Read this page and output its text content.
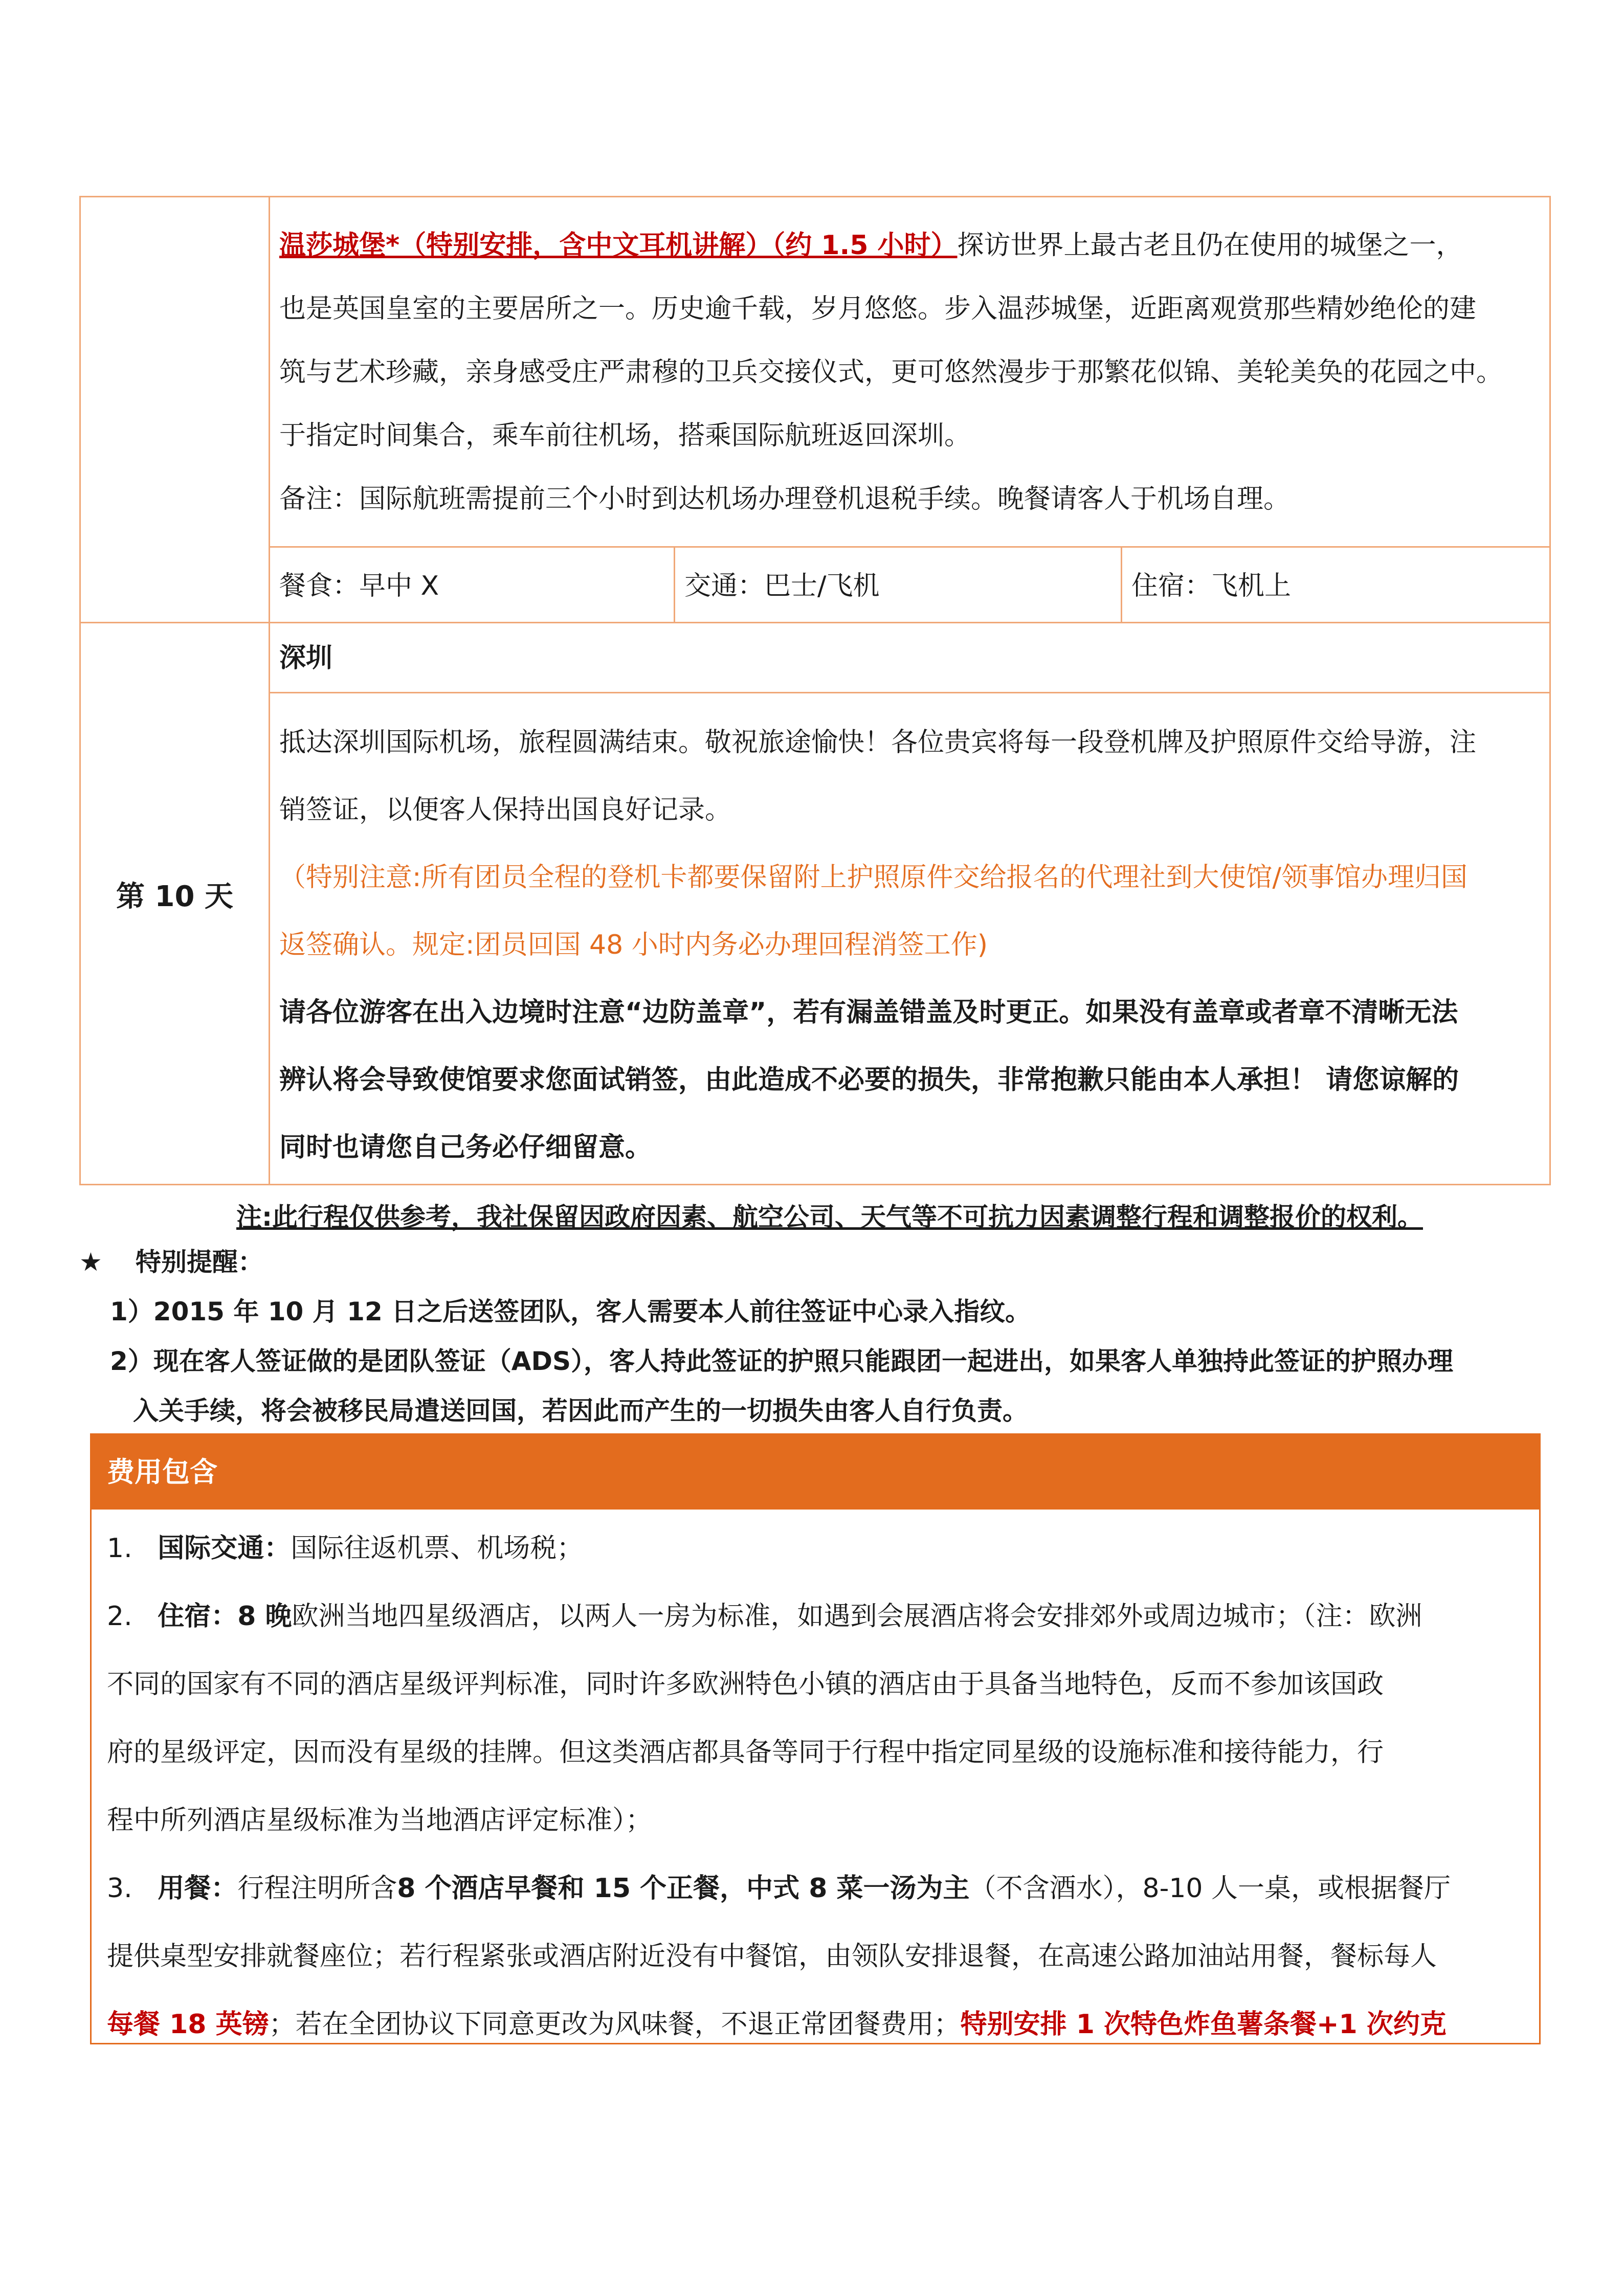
第 10 天

温莎城堡*（特别安排，含中文耳机讲解）（约 1.5 小时）探访世界上最古老且仍在使用的城堡之一，

也是英国皇室的主要居所之一。历史逾千载，岁月悠悠。步入温莎城堡，近距离观赏那些精妙绝伦的建

筑与艺术珍藏，亲身感受庄严肃穆的卫兵交接仪式，更可悠然漫步于那繁花似锦、美轮美奂的花园之中。

于指定时间集合，乘车前往机场，搭乘国际航班返回深圳。

备注：国际航班需提前三个小时到达机场办理登机退税手续。晚餐请客人于机场自理。

餐食：早中 X	交通：巴士/飞机	住宿：飞机上
深圳

抵达深圳国际机场，旅程圆满结束。敬祝旅途愉快！各位贵宾将每一段登机牌及护照原件交给导游，注

销签证，以便客人保持出国良好记录。

（特别注意:所有团员全程的登机卡都要保留附上护照原件交给报名的代理社到大使馆/领事馆办理归国

返签确认。规定:团员回国 48 小时内务必办理回程消签工作)

请各位游客在出入边境时注意“边防盖章”，若有漏盖错盖及时更正。如果没有盖章或者章不清晰无法

辨认将会导致使馆要求您面试销签，由此造成不必要的损失，非常抱歉只能由本人承担！ 请您谅解的

同时也请您自己务必仔细留意。

注:此行程仅供参考，我社保留因政府因素、航空公司、天气等不可抗力因素调整行程和调整报价的权利。
★ 特别提醒：
1）2015 年 10 月 12 日之后送签团队，客人需要本人前往签证中心录入指纹。
2）现在客人签证做的是团队签证（ADS），客人持此签证的护照只能跟团一起进出，如果客人单独持此签证的护照办理
入关手续，将会被移民局遣送回国，若因此而产生的一切损失由客人自行负责。
费用包含

1. 国际交通：国际往返机票、机场税；

2. 住宿：8 晚欧洲当地四星级酒店，以两人一房为标准，如遇到会展酒店将会安排郊外或周边城市；（注：欧洲

不同的国家有不同的酒店星级评判标准，同时许多欧洲特色小镇的酒店由于具备当地特色，反而不参加该国政

府的星级评定，因而没有星级的挂牌。但这类酒店都具备等同于行程中指定同星级的设施标准和接待能力，行

程中所列酒店星级标准为当地酒店评定标准）；

3. 用餐：行程注明所含8 个酒店早餐和 15 个正餐，中式 8 菜一汤为主（不含酒水），8-10 人一桌，或根据餐厅

提供桌型安排就餐座位；若行程紧张或酒店附近没有中餐馆，由领队安排退餐，在高速公路加油站用餐，餐标每人

每餐 18 英镑；若在全团协议下同意更改为风味餐，不退正常团餐费用；特别安排 1 次特色炸鱼薯条餐+1 次约克
